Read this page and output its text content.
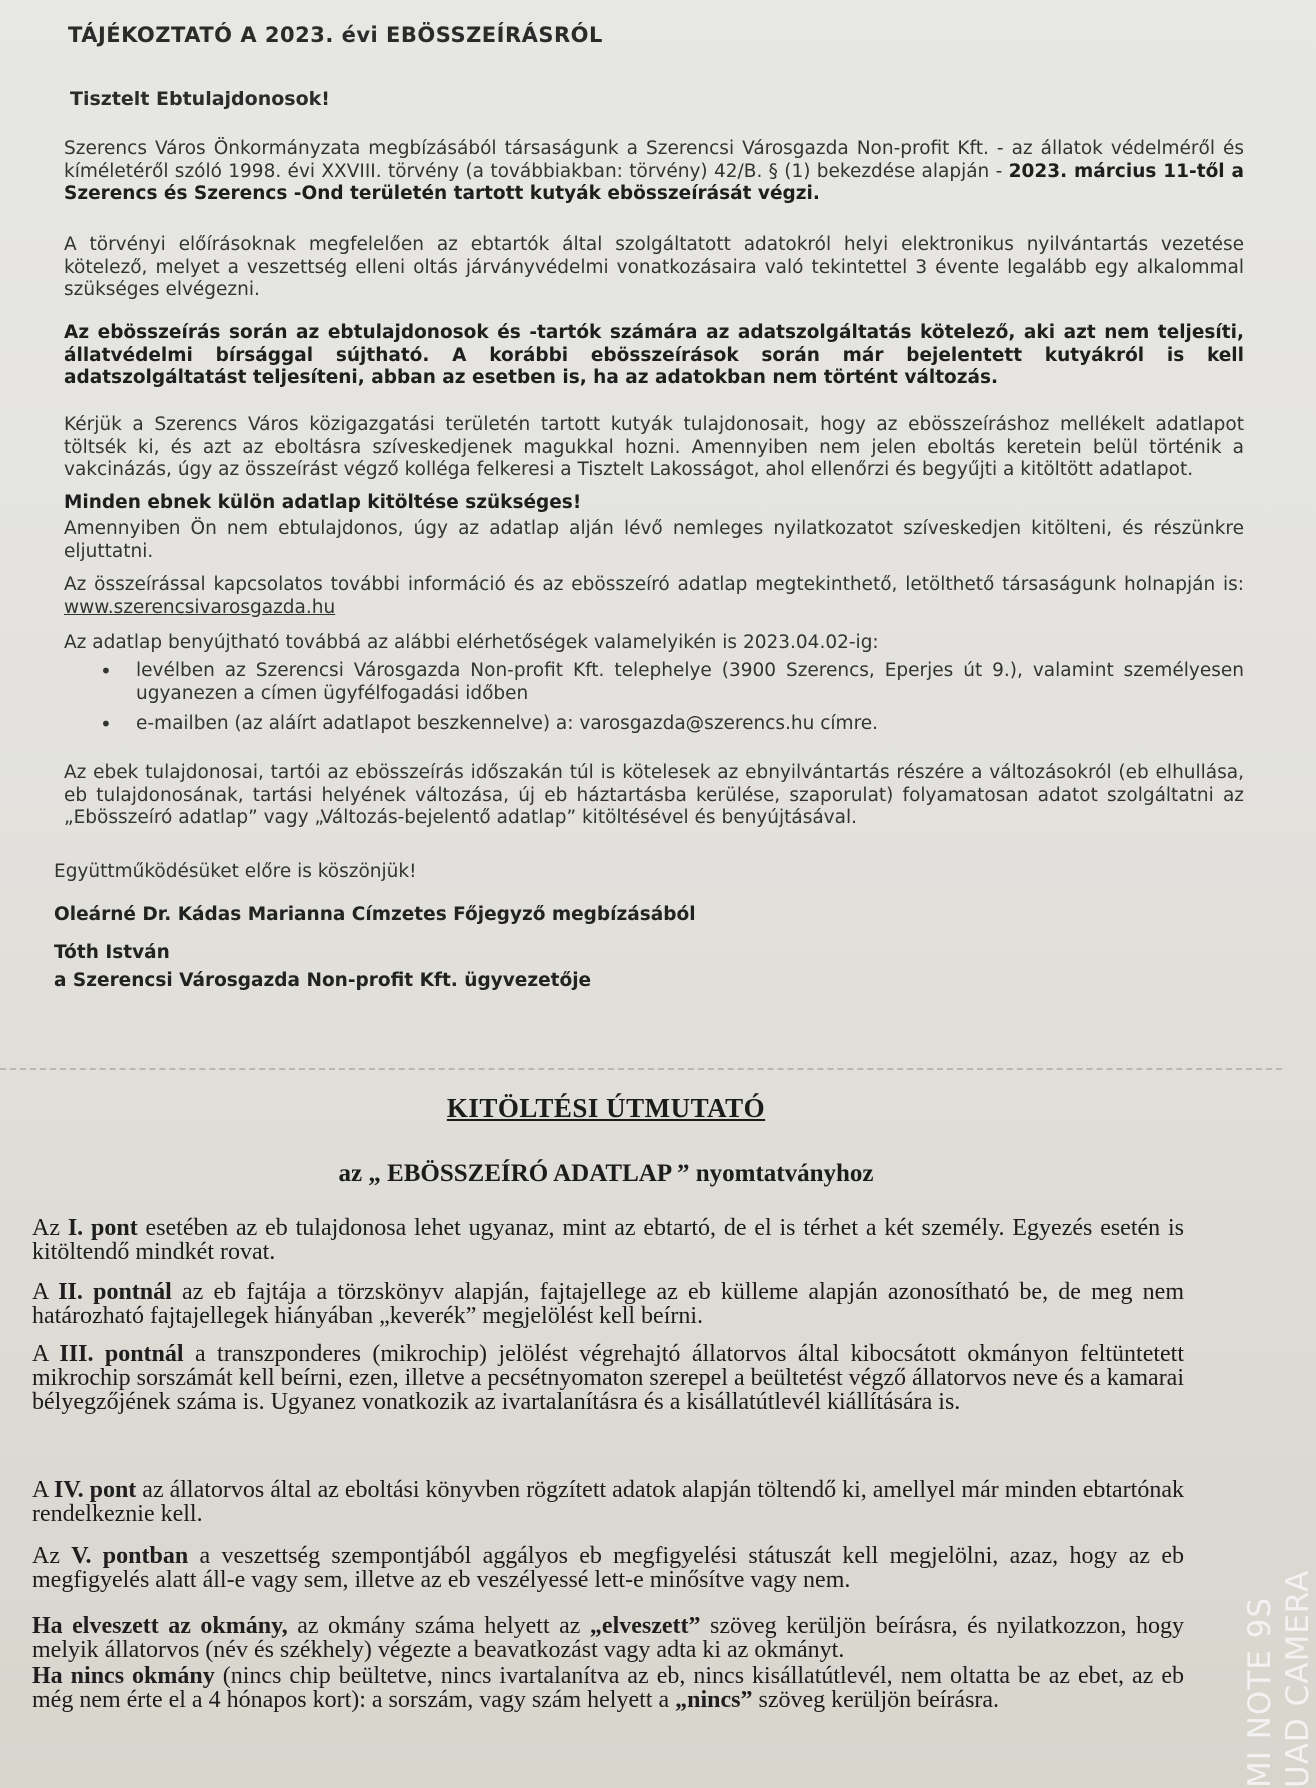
TÁJÉKOZTATÓ A 2023. évi EBÖSSZEÍRÁSRÓL
Tisztelt Ebtulajdonosok!
Szerencs Város Önkormányzata megbízásából társaságunk a Szerencsi Városgazda Non-profit Kft. - az állatok védelméről és kíméletéről szóló 1998. évi XXVIII. törvény (a továbbiakban: törvény) 42/B. § (1) bekezdése alapján - 2023. március 11-től a Szerencs és Szerencs -Ond területén tartott kutyák ebösszeírását végzi.
A törvényi előírásoknak megfelelően az ebtartók által szolgáltatott adatokról helyi elektronikus nyilvántartás vezetése kötelező, melyet a veszettség elleni oltás járványvédelmi vonatkozásaira való tekintettel 3 évente legalább egy alkalommal szükséges elvégezni.
Az ebösszeírás során az ebtulajdonosok és -tartók számára az adatszolgáltatás kötelező, aki azt nem teljesíti, állatvédelmi bírsággal sújtható. A korábbi ebösszeírások során már bejelentett kutyákról is kell adatszolgáltatást teljesíteni, abban az esetben is, ha az adatokban nem történt változás.
Kérjük a Szerencs Város közigazgatási területén tartott kutyák tulajdonosait, hogy az ebösszeíráshoz mellékelt adatlapot töltsék ki, és azt az eboltásra szíveskedjenek magukkal hozni. Amennyiben nem jelen eboltás keretein belül történik a vakcinázás, úgy az összeírást végző kolléga felkeresi a Tisztelt Lakosságot, ahol ellenőrzi és begyűjti a kitöltött adatlapot.
Minden ebnek külön adatlap kitöltése szükséges!
Amennyiben Ön nem ebtulajdonos, úgy az adatlap alján lévő nemleges nyilatkozatot szíveskedjen kitölteni, és részünkre eljuttatni.
Az összeírással kapcsolatos további információ és az ebösszeíró adatlap megtekinthető, letölthető társaságunk holnapján is: www.szerencsivarosgazda.hu
Az adatlap benyújtható továbbá az alábbi elérhetőségek valamelyikén is 2023.04.02-ig:
• levélben az Szerencsi Városgazda Non-profit Kft. telephelye (3900 Szerencs, Eperjes út 9.), valamint személyesen ugyanezen a címen ügyfélfogadási időben
• e-mailben (az aláírt adatlapot beszkennelve) a: varosgazda@szerencs.hu címre.
Az ebek tulajdonosai, tartói az ebösszeírás időszakán túl is kötelesek az ebnyilvántartás részére a változásokról (eb elhullása, eb tulajdonosának, tartási helyének változása, új eb háztartásba kerülése, szaporulat) folyamatosan adatot szolgáltatni az „Ebösszeíró adatlap” vagy „Változás-bejelentő adatlap” kitöltésével és benyújtásával.
Együttműködésüket előre is köszönjük!
Oleárné Dr. Kádas Marianna Címzetes Főjegyző megbízásából
Tóth István
a Szerencsi Városgazda Non-profit Kft. ügyvezetője
KITÖLTÉSI ÚTMUTATÓ
az „ EBÖSSZEÍRÓ ADATLAP ” nyomtatványhoz
Az I. pont esetében az eb tulajdonosa lehet ugyanaz, mint az ebtartó, de el is térhet a két személy. Egyezés esetén is kitöltendő mindkét rovat.
A II. pontnál az eb fajtája a törzskönyv alapján, fajtajellege az eb külleme alapján azonosítható be, de meg nem határozható fajtajellegek hiányában „keverék” megjelölést kell beírni.
A III. pontnál a transzponderes (mikrochip) jelölést végrehajtó állatorvos által kibocsátott okmányon feltüntetett mikrochip sorszámát kell beírni, ezen, illetve a pecsétnyomaton szerepel a beültetést végző állatorvos neve és a kamarai bélyegzőjének száma is. Ugyanez vonatkozik az ivartalanításra és a kisállatútlevél kiállítására is.
A IV. pont az állatorvos által az eboltási könyvben rögzített adatok alapján töltendő ki, amellyel már minden ebtartónak rendelkeznie kell.
Az V. pontban a veszettség szempontjából aggályos eb megfigyelési státuszát kell megjelölni, azaz, hogy az eb megfigyelés alatt áll-e vagy sem, illetve az eb veszélyessé lett-e minősítve vagy nem.
Ha elveszett az okmány, az okmány száma helyett az „elveszett” szöveg kerüljön beírásra, és nyilatkozzon, hogy melyik állatorvos (név és székhely) végezte a beavatkozást vagy adta ki az okmányt.
Ha nincs okmány (nincs chip beültetve, nincs ivartalanítva az eb, nincs kisállatútlevél, nem oltatta be az ebet, az eb még nem érte el a 4 hónapos kort): a sorszám, vagy szám helyett a „nincs” szöveg kerüljön beírásra.	MI NOTE 9S UAD CAMERA
